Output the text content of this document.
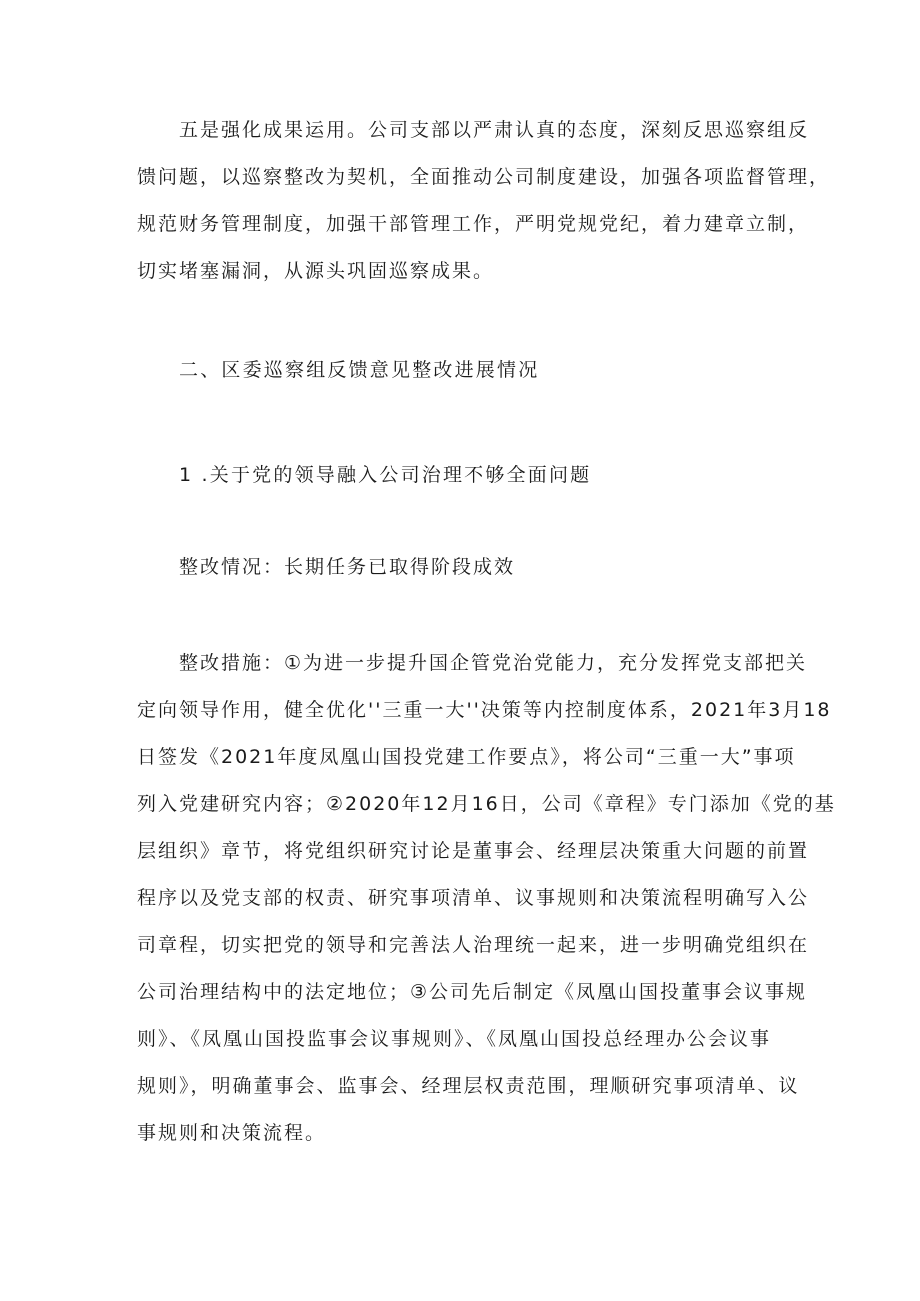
五是强化成果运用。公司支部以严肃认真的态度，深刻反思巡察组反
馈问题，以巡察整改为契机，全面推动公司制度建设，加强各项监督管理，
规范财务管理制度，加强干部管理工作，严明党规党纪，着力建章立制，
切实堵塞漏洞，从源头巩固巡察成果。
二、区委巡察组反馈意见整改进展情况
1 .关于党的领导融入公司治理不够全面问题
整改情况：长期任务已取得阶段成效
整改措施：①为进一步提升国企管党治党能力，充分发挥党支部把关
定向领导作用，健全优化''三重一大''决策等内控制度体系，2021年3月18
日签发《2021年度凤凰山国投党建工作要点》，将公司“三重一大”事项
列入党建研究内容；②2020年12月16日，公司《章程》专门添加《党的基
层组织》章节，将党组织研究讨论是董事会、经理层决策重大问题的前置
程序以及党支部的权责、研究事项清单、议事规则和决策流程明确写入公
司章程，切实把党的领导和完善法人治理统一起来，进一步明确党组织在
公司治理结构中的法定地位；③公司先后制定《凤凰山国投董事会议事规
则》、《凤凰山国投监事会议事规则》、《凤凰山国投总经理办公会议事
规则》，明确董事会、监事会、经理层权责范围，理顺研究事项清单、议
事规则和决策流程。
